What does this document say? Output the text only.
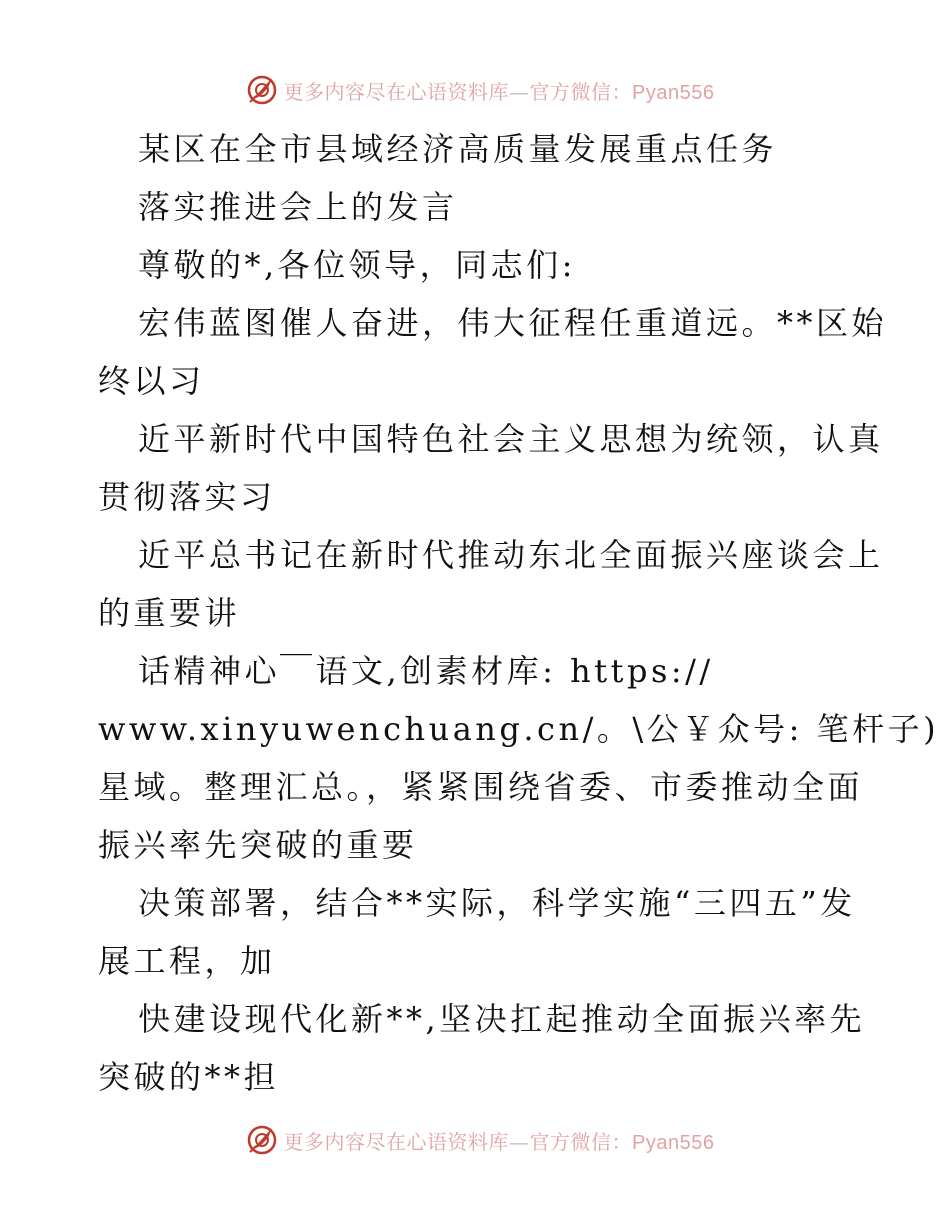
更多内容尽在心语资料库—官方微信：Pyan556
某区在全市县域经济高质量发展重点任务
落实推进会上的发言
尊敬的*,各位领导，同志们:
宏伟蓝图催人奋进，伟大征程任重道远。**区始
终以习
近平新时代中国特色社会主义思想为统领，认真
贯彻落实习
近平总书记在新时代推动东北全面振兴座谈会上
的重要讲
话精神心￣语文,创素材库: https://
www.xinyuwenchuang.cn/。\公￥众号: 笔杆子)
星域。整理汇总。，紧紧围绕省委、市委推动全面
振兴率先突破的重要
决策部署，结合**实际，科学实施“三四五”发
展工程，加
快建设现代化新**,坚决扛起推动全面振兴率先
突破的**担
更多内容尽在心语资料库—官方微信：Pyan556
